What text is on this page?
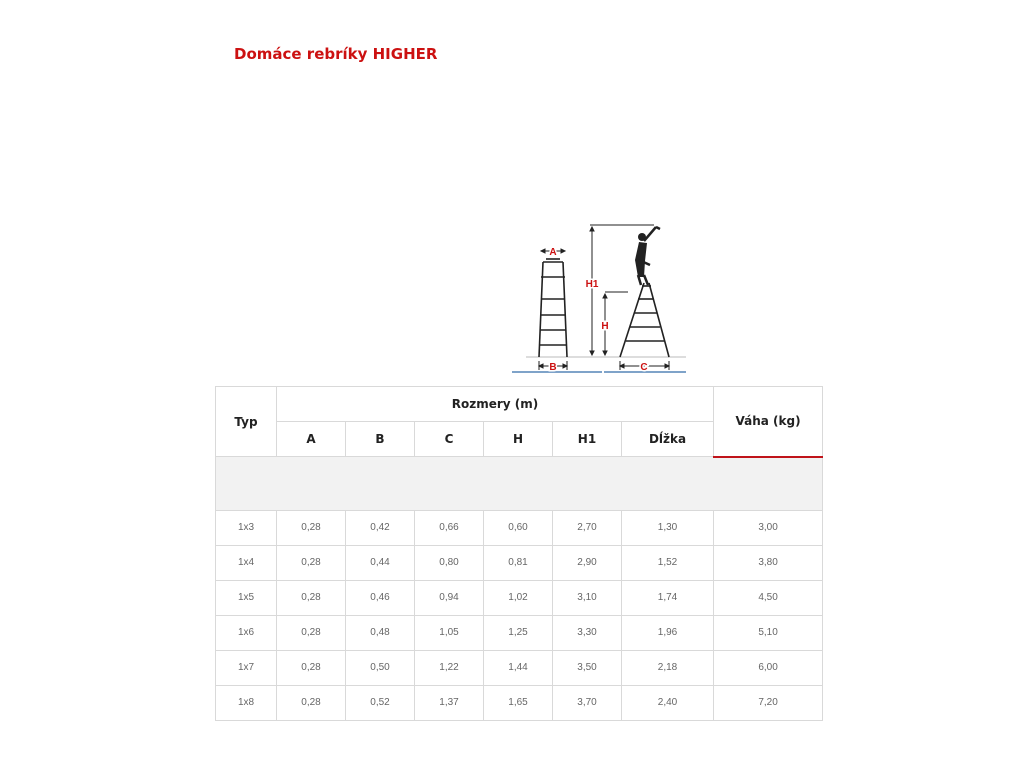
Domáce rebríky HIGHER
A
B
H1
H
C
Typ	Rozmery (m)						Váha (kg)
	A	B	C	H	H1	Dĺžka	

1x3	0,28	0,42	0,66	0,60	2,70	1,30	3,00
1x4	0,28	0,44	0,80	0,81	2,90	1,52	3,80
1x5	0,28	0,46	0,94	1,02	3,10	1,74	4,50
1x6	0,28	0,48	1,05	1,25	3,30	1,96	5,10
1x7	0,28	0,50	1,22	1,44	3,50	2,18	6,00
1x8	0,28	0,52	1,37	1,65	3,70	2,40	7,20
